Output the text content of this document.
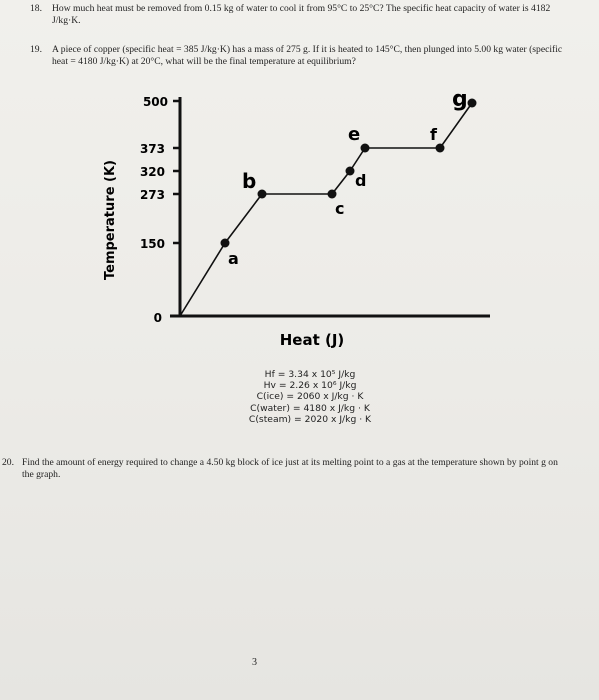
18. How much heat must be removed from 0.15 kg of water to cool it from 95°C to 25°C? The specific heat capacity of water is 4182 J/kg·K.
19. A piece of copper (specific heat = 385 J/kg·K) has a mass of 275 g. If it is heated to 145°C, then plunged into 5.00 kg water (specific heat = 4180 J/kg·K) at 20°C, what will be the final temperature at equilibrium?
500
373
320
273
150
0
Temperature (K)
Heat (J)
a
b
c
d
e	f
g
Hf = 3.34 x 10⁵ J/kg
Hv = 2.26 x 10⁶ J/kg
C(ice) = 2060 x J/kg · K
C(water) = 4180 x J/kg · K
C(steam) = 2020 x J/kg · K
20. Find the amount of energy required to change a 4.50 kg block of ice just at its melting point to a gas at the temperature shown by point g on the graph.
3
